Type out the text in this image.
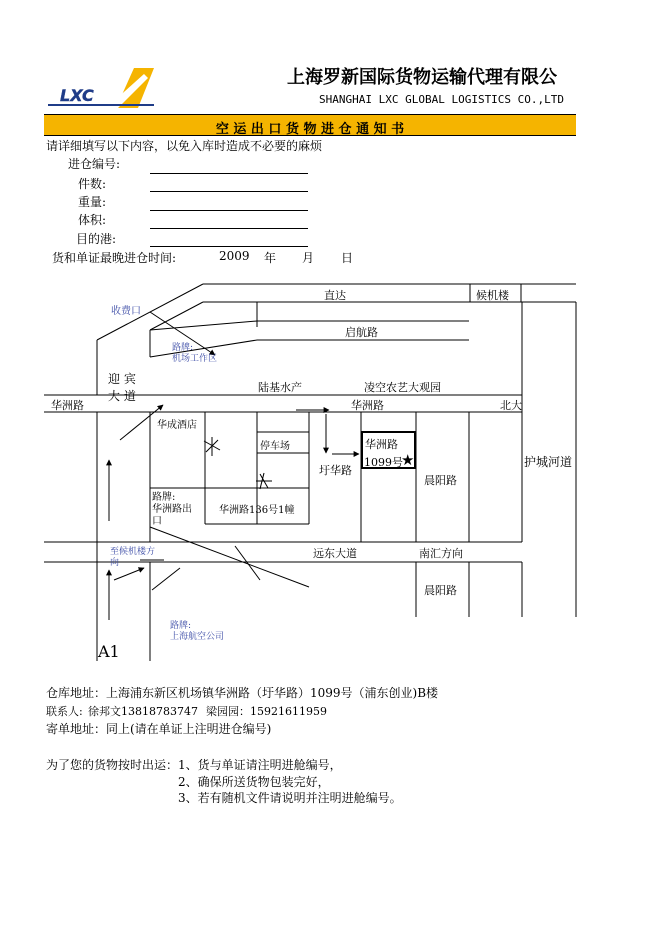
LXC
上海罗新国际货物运输代理有限公
SHANGHAI LXC GLOBAL LOGISTICS CO.,LTD
空 运 出 口 货 物 进 仓 通 知 书
请详细填写以下内容，以免入库时造成不必要的麻烦
进仓编号:
件数:
重量:
体积:
目的港:
货和单证最晚进仓时间:	2009 年 月 日
直达	候机楼
收费口
启航路
路牌:
机场工作区
迎 宾
大 道
陆基水产	凌空农艺大观园
华洲路	华洲路	北大
华成酒店
停车场	华洲路
1099号
★
圩华路
晨阳路
护城河道
路牌:
华洲路出
口
华洲路136号1幢
至候机楼方
向
远东大道	南汇方向
晨阳路
路牌:
上海航空公司
A1
仓库地址：上海浦东新区机场镇华洲路（圩华路）1099号（浦东创业)B楼
联系人: 徐邦文13818783747 梁园园：15921611959
寄单地址：同上(请在单证上注明进仓编号)
为了您的货物按时出运：1、货与单证请注明进舱编号，
2、确保所送货物包装完好，
3、若有随机文件请说明并注明进舱编号。
